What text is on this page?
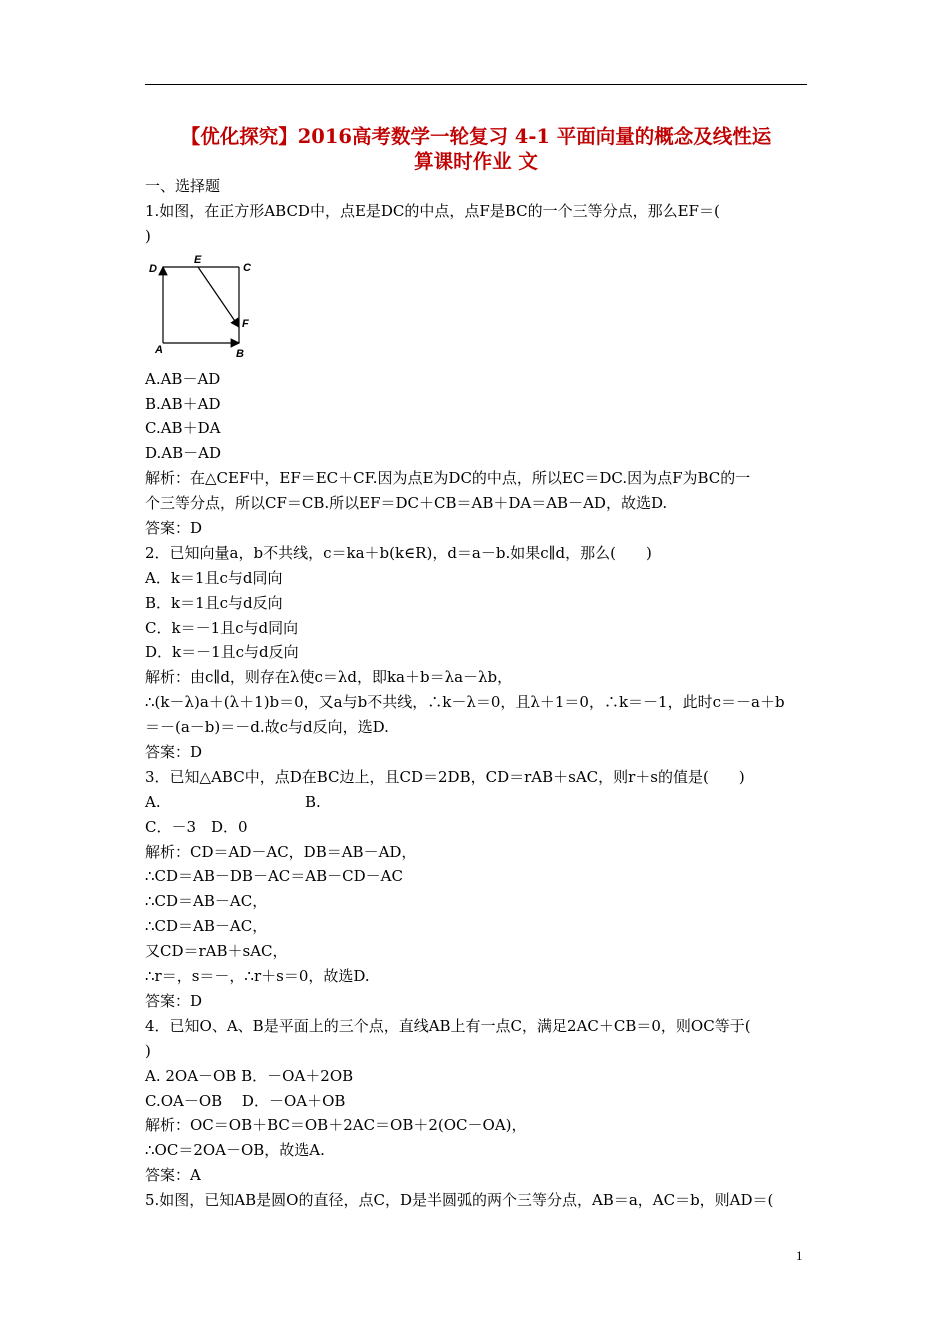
【优化探究】2016高考数学一轮复习 4-1 平面向量的概念及线性运
算课时作业 文
一、选择题
1.如图，在正方形ABCD中，点E是DC的中点，点F是BC的一个三等分点，那么EF＝(
)
D
E
C
F
A	B
A.AB－AD
B.AB＋AD
C.AB＋DA
D.AB－AD
解析：在△CEF中，EF＝EC＋CF.因为点E为DC的中点，所以EC＝DC.因为点F为BC的一
个三等分点，所以CF＝CB.所以EF＝DC＋CB＝AB＋DA＝AB－AD，故选D.
答案：D
2．已知向量a，b不共线，c＝ka＋b(k∈R)，d＝a－b.如果c∥d，那么(　　)
A．k＝1且c与d同向
B．k＝1且c与d反向
C．k＝－1且c与d同向
D．k＝－1且c与d反向
解析：由c∥d，则存在λ使c＝λd，即ka＋b＝λa－λb，
∴(k－λ)a＋(λ＋1)b＝0，又a与b不共线，∴k－λ＝0，且λ＋1＝0，∴k＝－1，此时c＝－a＋b
＝－(a－b)＝－d.故c与d反向，选D.
答案：D
3．已知△ABC中，点D在BC边上，且CD＝2DB，CD＝rAB＋sAC，则r＋s的值是(　　)
A.	B.
C．－3　D．0
解析：CD＝AD－AC，DB＝AB－AD，
∴CD＝AB－DB－AC＝AB－CD－AC
∴CD＝AB－AC，
∴CD＝AB－AC，
又CD＝rAB＋sAC，
∴r＝，s＝－，∴r＋s＝0，故选D.
答案：D
4．已知O、A、B是平面上的三个点，直线AB上有一点C，满足2AC＋CB＝0，则OC等于(
)
A. 2OA－OB B．－OA＋2OB
C.OA－OB　 D．－OA＋OB
解析：OC＝OB＋BC＝OB＋2AC＝OB＋2(OC－OA)，
∴OC＝2OA－OB，故选A.
答案：A
5.如图，已知AB是圆O的直径，点C，D是半圆弧的两个三等分点，AB＝a，AC＝b，则AD＝(
1
